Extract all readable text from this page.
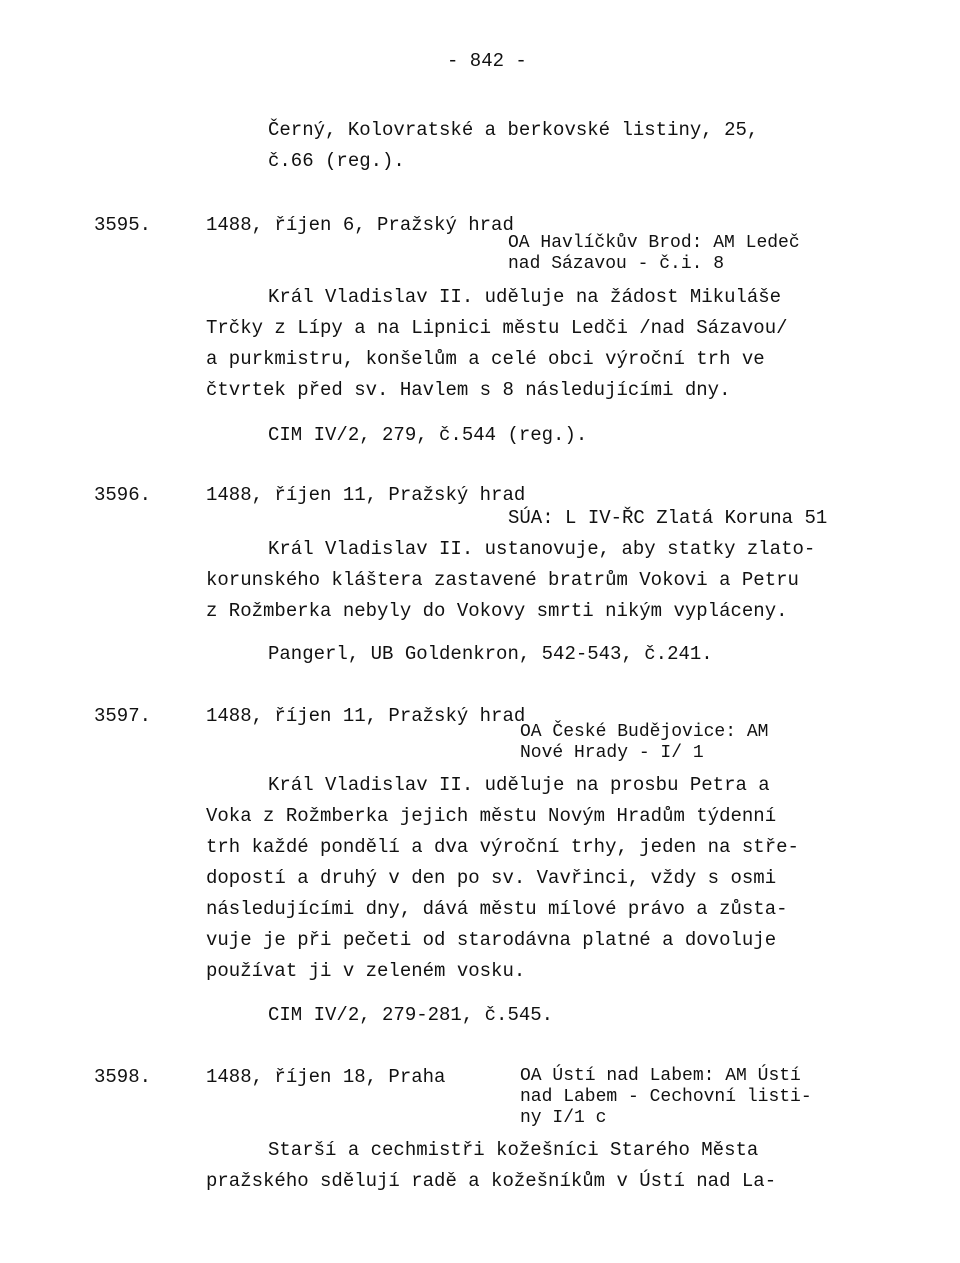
- 842 -
Černý, Kolovratské a berkovské listiny, 25,
č.66 (reg.).
3595.	1488, říjen 6, Pražský hrad
OA Havlíčkův Brod: AM Ledeč
nad Sázavou - č.i. 8
Král Vladislav II. uděluje na žádost Mikuláše
Trčky z Lípy a na Lipnici městu Ledči /nad Sázavou/
a purkmistru, konšelům a celé obci výroční trh ve
čtvrtek před sv. Havlem s 8 následujícími dny.
CIM IV/2, 279, č.544 (reg.).
3596.	1488, říjen 11, Pražský hrad
SÚA: L IV-ŘC Zlatá Koruna 51
Král Vladislav II. ustanovuje, aby statky zlato-
korunského kláštera zastavené bratrům Vokovi a Petru
z Rožmberka nebyly do Vokovy smrti nikým vypláceny.
Pangerl, UB Goldenkron, 542-543, č.241.
3597.	1488, říjen 11, Pražský hrad
OA České Budějovice: AM
Nové Hrady - I/ 1
Král Vladislav II. uděluje na prosbu Petra a
Voka z Rožmberka jejich městu Novým Hradům týdenní
trh každé pondělí a dva výroční trhy, jeden na stře-
dopostí a druhý v den po sv. Vavřinci, vždy s osmi
následujícími dny, dává městu mílové právo a zůsta-
vuje je při pečeti od starodávna platné a dovoluje
používat ji v zeleném vosku.
CIM IV/2, 279-281, č.545.
3598.	1488, říjen 18, Praha	OA Ústí nad Labem: AM Ústí
nad Labem - Cechovní listi-
ny I/1 c
Starší a cechmistři kožešníci Starého Města
pražského sdělují radě a kožešníkům v Ústí nad La-
